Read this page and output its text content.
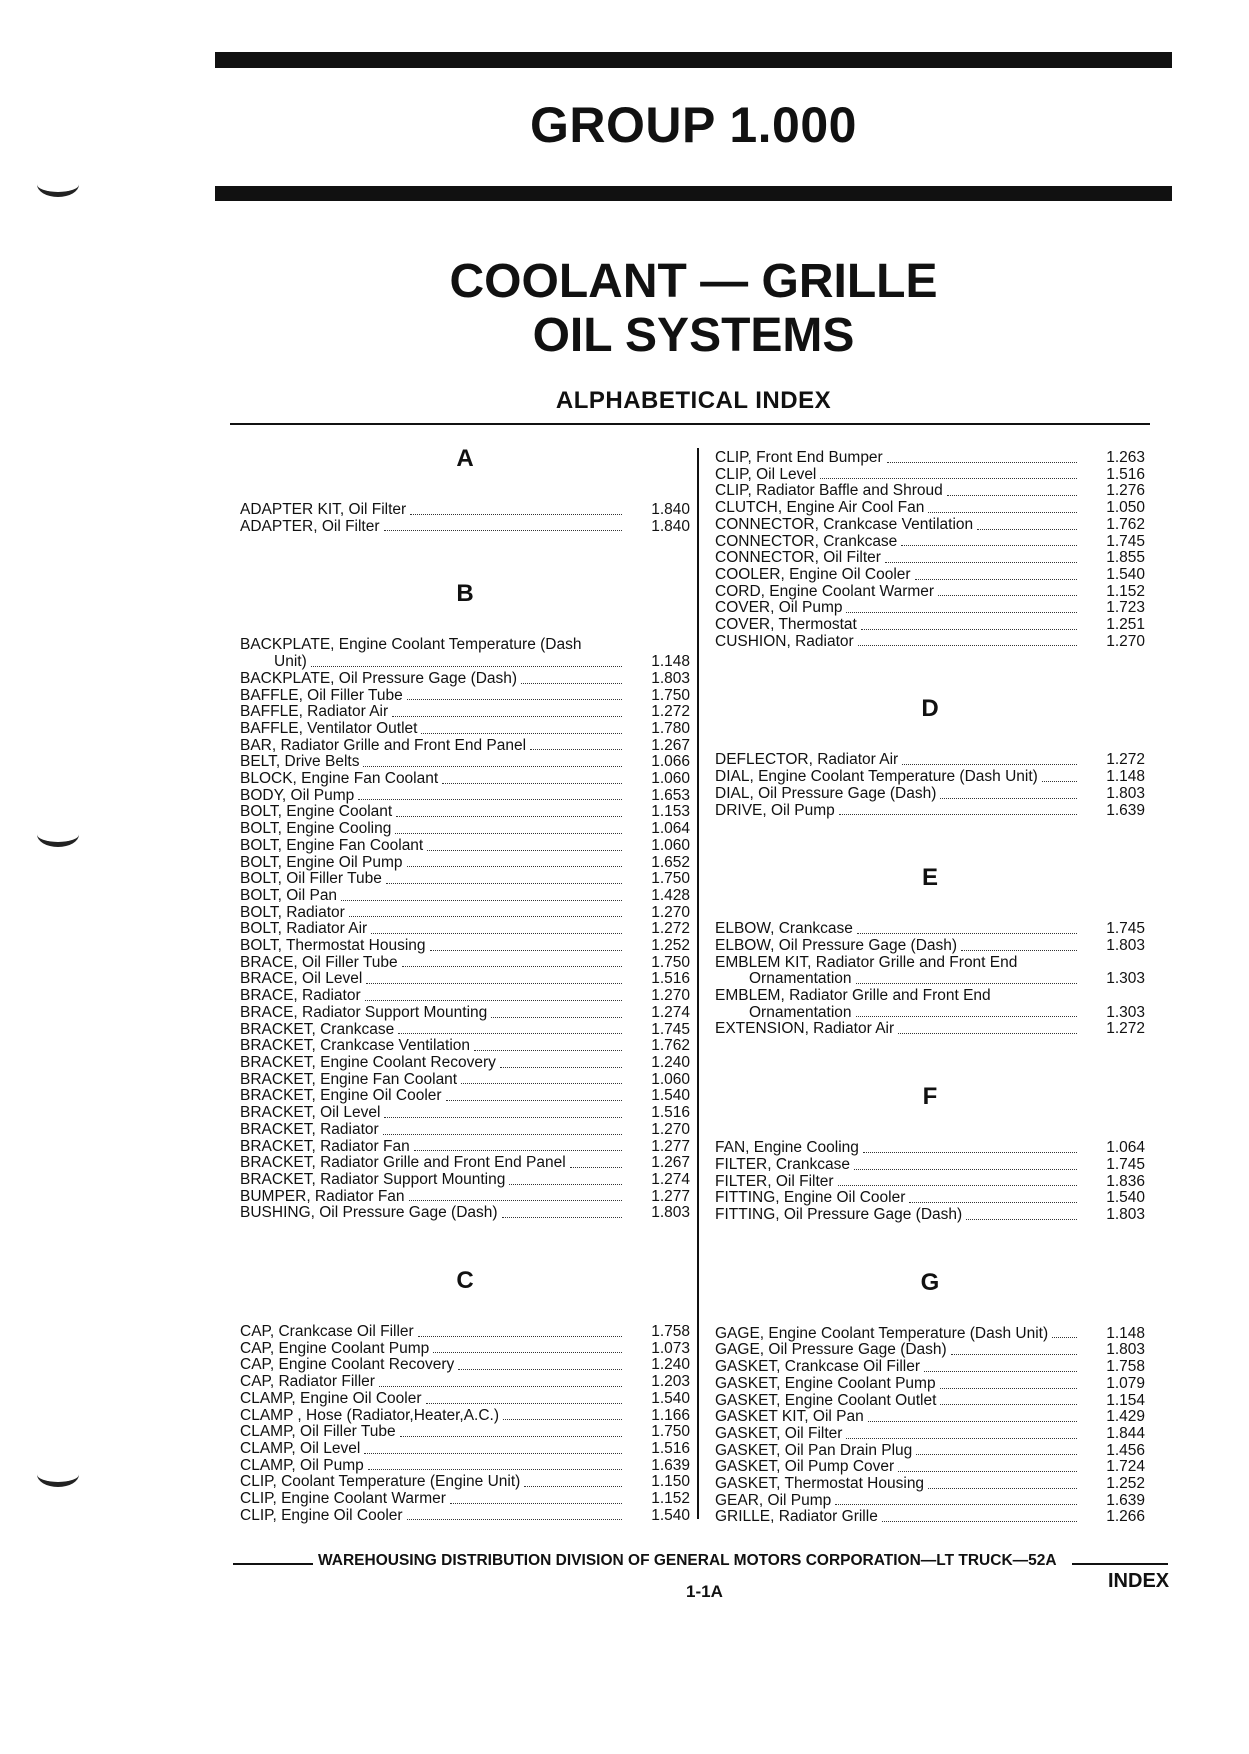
GROUP 1.000
COOLANT — GRILLE
OIL SYSTEMS
ALPHABETICAL INDEX
A
ADAPTER KIT, Oil Filter	1.840
ADAPTER, Oil Filter	1.840
B
BACKPLATE, Engine Coolant Temperature (Dash
Unit)	1.148
BACKPLATE, Oil Pressure Gage (Dash)	1.803
BAFFLE, Oil Filler Tube	1.750
BAFFLE, Radiator Air	1.272
BAFFLE, Ventilator Outlet	1.780
BAR, Radiator Grille and Front End Panel	1.267
BELT, Drive Belts	1.066
BLOCK, Engine Fan Coolant	1.060
BODY, Oil Pump	1.653
BOLT, Engine Coolant	1.153
BOLT, Engine Cooling	1.064
BOLT, Engine Fan Coolant	1.060
BOLT, Engine Oil Pump	1.652
BOLT, Oil Filler Tube	1.750
BOLT, Oil Pan	1.428
BOLT, Radiator	1.270
BOLT, Radiator Air	1.272
BOLT, Thermostat Housing	1.252
BRACE, Oil Filler Tube	1.750
BRACE, Oil Level	1.516
BRACE, Radiator	1.270
BRACE, Radiator Support Mounting	1.274
BRACKET, Crankcase	1.745
BRACKET, Crankcase Ventilation	1.762
BRACKET, Engine Coolant Recovery	1.240
BRACKET, Engine Fan Coolant	1.060
BRACKET, Engine Oil Cooler	1.540
BRACKET, Oil Level	1.516
BRACKET, Radiator	1.270
BRACKET, Radiator Fan	1.277
BRACKET, Radiator Grille and Front End Panel	1.267
BRACKET, Radiator Support Mounting	1.274
BUMPER, Radiator Fan	1.277
BUSHING, Oil Pressure Gage (Dash)	1.803
C
CAP, Crankcase Oil Filler	1.758
CAP, Engine Coolant Pump	1.073
CAP, Engine Coolant Recovery	1.240
CAP, Radiator Filler	1.203
CLAMP, Engine Oil Cooler	1.540
CLAMP , Hose (Radiator,Heater,A.C.)	1.166
CLAMP, Oil Filler Tube	1.750
CLAMP, Oil Level	1.516
CLAMP, Oil Pump	1.639
CLIP, Coolant Temperature (Engine Unit)	1.150
CLIP, Engine Coolant Warmer	1.152
CLIP, Engine Oil Cooler	1.540
CLIP, Front End Bumper	1.263
CLIP, Oil Level	1.516
CLIP, Radiator Baffle and Shroud	1.276
CLUTCH, Engine Air Cool Fan	1.050
CONNECTOR, Crankcase Ventilation	1.762
CONNECTOR, Crankcase	1.745
CONNECTOR, Oil Filter	1.855
COOLER, Engine Oil Cooler	1.540
CORD, Engine Coolant Warmer	1.152
COVER, Oil Pump	1.723
COVER, Thermostat	1.251
CUSHION, Radiator	1.270
D
DEFLECTOR, Radiator Air	1.272
DIAL, Engine Coolant Temperature (Dash Unit)	1.148
DIAL, Oil Pressure Gage (Dash)	1.803
DRIVE, Oil Pump	1.639
E
ELBOW, Crankcase	1.745
ELBOW, Oil Pressure Gage (Dash)	1.803
EMBLEM KIT, Radiator Grille and Front End
Ornamentation	1.303
EMBLEM, Radiator Grille and Front End
Ornamentation	1.303
EXTENSION, Radiator Air	1.272
F
FAN, Engine Cooling	1.064
FILTER, Crankcase	1.745
FILTER, Oil Filter	1.836
FITTING, Engine Oil Cooler	1.540
FITTING, Oil Pressure Gage (Dash)	1.803
G
GAGE, Engine Coolant Temperature (Dash Unit)	1.148
GAGE, Oil Pressure Gage (Dash)	1.803
GASKET, Crankcase Oil Filler	1.758
GASKET, Engine Coolant Pump	1.079
GASKET, Engine Coolant Outlet	1.154
GASKET KIT, Oil Pan	1.429
GASKET, Oil Filter	1.844
GASKET, Oil Pan Drain Plug	1.456
GASKET, Oil Pump Cover	1.724
GASKET, Thermostat Housing	1.252
GEAR, Oil Pump	1.639
GRILLE, Radiator Grille	1.266
WAREHOUSING DISTRIBUTION DIVISION OF GENERAL MOTORS CORPORATION—LT TRUCK—52A
1-1A	INDEX
